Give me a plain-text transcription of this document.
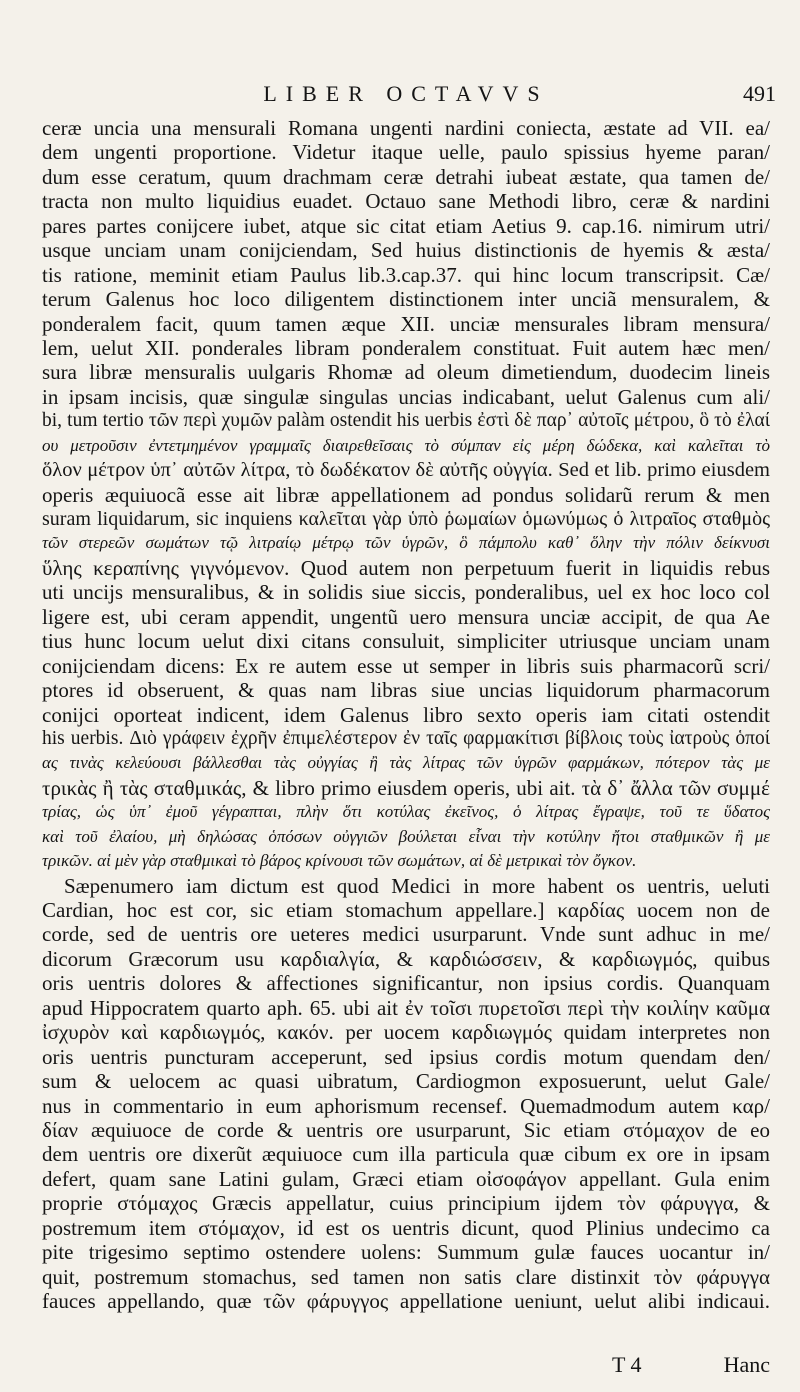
LIBER OCTAVVS	491
ceræ uncia una mensurali Romana ungenti nardini coniecta, æstate ad VII. ea/
dem ungenti proportione. Videtur itaque uelle, paulo spissius hyeme paran/
dum esse ceratum, quum drachmam ceræ detrahi iubeat æstate, qua tamen de/
tracta non multo liquidius euadet. Octauo sane Methodi libro, ceræ & nardini
pares partes conijcere iubet, atque sic citat etiam Aetius 9. cap.16. nimirum utri/
usque unciam unam conijciendam, Sed huius distinctionis de hyemis & æsta/
tis ratione, meminit etiam Paulus lib.3.cap.37. qui hinc locum transcripsit. Cæ/
terum Galenus hoc loco diligentem distinctionem inter unciã mensuralem, &
ponderalem facit, quum tamen æque XII. unciæ mensurales libram mensura/
lem, uelut XII. ponderales libram ponderalem constituat. Fuit autem hæc men/
sura libræ mensuralis uulgaris Rhomæ ad oleum dimetiendum, duodecim lineis
in ipsam incisis, quæ singulæ singulas uncias indicabant, uelut Galenus cum ali/
bi, tum tertio τῶν περὶ χυμῶν palàm ostendit his uerbis ἐστὶ δὲ παρ᾽ αὐτοῖς μέτρου, ὃ τὸ ἐλαί
ου μετροῦσιν ἐντετμημένον γραμμαῖς διαιρεθεῖσαις τὸ σύμπαν εἰς μέρη δώδεκα, καὶ καλεῖται τὸ
ὅλον μέτρον ὑπ᾽ αὐτῶν λίτρα, τὸ δωδέκατον δὲ αὐτῆς οὐγγία. Sed et lib. primo eiusdem
operis æquiuocã esse ait libræ appellationem ad pondus solidarũ rerum & men
suram liquidarum, sic inquiens καλεῖται γὰρ ὑπὸ ῥωμαίων ὁμωνύμως ὁ λιτραῖος σταθμὸς
τῶν στερεῶν σωμάτων τῷ λιτραίῳ μέτρῳ τῶν ὑγρῶν, ὃ πάμπολυ καθ᾽ ὅλην τὴν πόλιν δείκνυσι
ὕλης κεραπίνης γιγνόμενον. Quod autem non perpetuum fuerit in liquidis rebus
uti uncijs mensuralibus, & in solidis siue siccis, ponderalibus, uel ex hoc loco col
ligere est, ubi ceram appendit, ungentũ uero mensura unciæ accipit, de qua Ae
tius hunc locum uelut dixi citans consuluit, simpliciter utriusque unciam unam
conijciendam dicens: Ex re autem esse ut semper in libris suis pharmacorũ scri/
ptores id obseruent, & quas nam libras siue uncias liquidorum pharmacorum
conijci oporteat indicent, idem Galenus libro sexto operis iam citati ostendit
his uerbis. Διὸ γράφειν ἐχρῆν ἐπιμελέστερον ἐν ταῖς φαρμακίτισι βίβλοις τοὺς ἰατροὺς ὁποί
ας τινὰς κελεύουσι βάλλεσθαι τὰς οὐγγίας ἢ τὰς λίτρας τῶν ὑγρῶν φαρμάκων, πότερον τὰς με
τρικὰς ἢ τὰς σταθμικάς, & libro primo eiusdem operis, ubi ait. τὰ δ᾽ ἄλλα τῶν συμμέ
τρίας, ὡς ὑπ᾽ ἐμοῦ γέγραπται, πλὴν ὅτι κοτύλας ἐκεῖνος, ὁ λίτρας ἔγραψε, τοῦ τε ὕδατος
καὶ τοῦ ἐλαίου, μὴ δηλώσας ὁπόσων οὐγγιῶν βούλεται εἶναι τὴν κοτύλην ἤτοι σταθμικῶν ἢ με
τρικῶν. αἱ μὲν γὰρ σταθμικαὶ τὸ βάρος κρίνουσι τῶν σωμάτων, αἱ δὲ μετρικαὶ τὸν ὄγκον.
Sæpenumero iam dictum est quod Medici in more habent os uentris, ueluti
Cardian, hoc est cor, sic etiam stomachum appellare.] καρδίας uocem non de
corde, sed de uentris ore ueteres medici usurparunt. Vnde sunt adhuc in me/
dicorum Græcorum usu καρδιαλγία, & καρδιώσσειν, & καρδιωγμός, quibus
oris uentris dolores & affectiones significantur, non ipsius cordis. Quanquam
apud Hippocratem quarto aph. 65. ubi ait ἐν τοῖσι πυρετοῖσι περὶ τὴν κοιλίην καῦμα
ἰσχυρὸν καὶ καρδιωγμός, κακόν. per uocem καρδιωγμός quidam interpretes non
oris uentris puncturam acceperunt, sed ipsius cordis motum quendam den/
sum & uelocem ac quasi uibratum, Cardiogmon exposuerunt, uelut Gale/
nus in commentario in eum aphorismum recensef. Quemadmodum autem καρ/
δίαν æquiuoce de corde & uentris ore usurparunt, Sic etiam στόμαχον de eo
dem uentris ore dixerũt æquiuoce cum illa particula quæ cibum ex ore in ipsam
defert, quam sane Latini gulam, Græci etiam οἰσοφάγον appellant. Gula enim
proprie στόμαχος Græcis appellatur, cuius principium ijdem τὸν φάρυγγα, &
postremum item στόμαχον, id est os uentris dicunt, quod Plinius undecimo ca
pite trigesimo septimo ostendere uolens: Summum gulæ fauces uocantur in/
quit, postremum stomachus, sed tamen non satis clare distinxit τὸν φάρυγγα
fauces appellando, quæ τῶν φάρυγγος appellatione ueniunt, uelut alibi indicaui.
T 4	Hanc
